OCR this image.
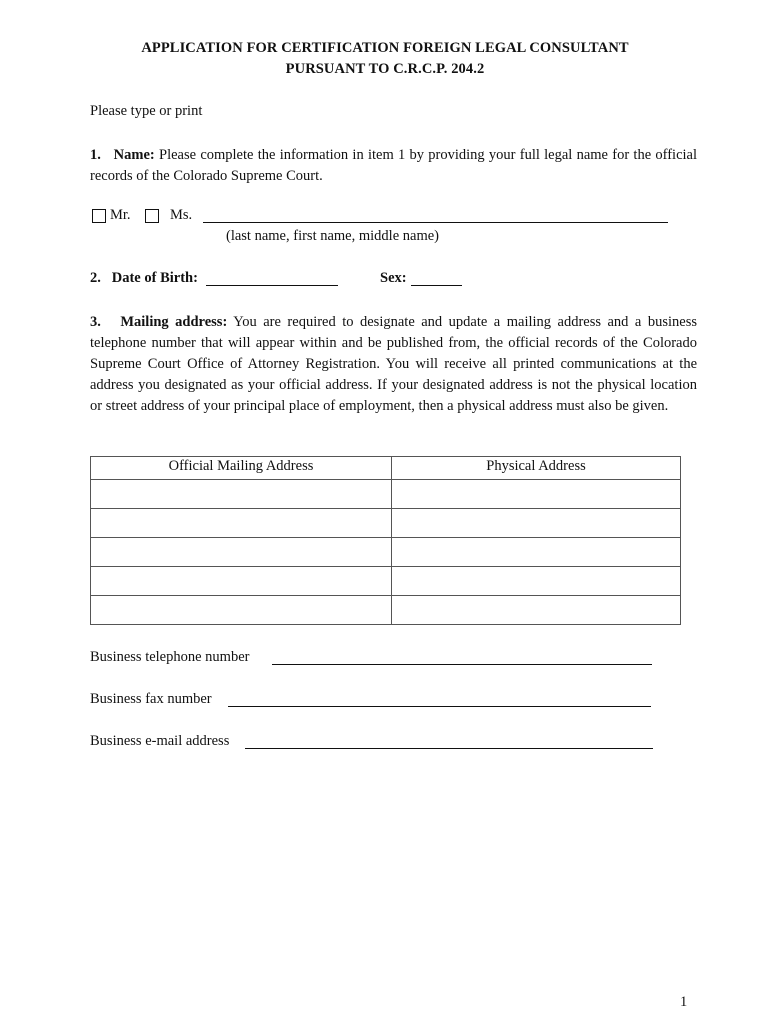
APPLICATION FOR CERTIFICATION FOREIGN LEGAL CONSULTANT
PURSUANT TO C.R.C.P. 204.2
Please type or print
1. Name: Please complete the information in item 1 by providing your full legal name for the official records of the Colorado Supreme Court.
Mr.	Ms.
(last name, first name, middle name)
2. Date of Birth:	Sex:
3. Mailing address: You are required to designate and update a mailing address and a business telephone number that will appear within and be published from, the official records of the Colorado Supreme Court Office of Attorney Registration. You will receive all printed communications at the address you designated as your official address. If your designated address is not the physical location or street address of your principal place of employment, then a physical address must also be given.
Official Mailing Address	Physical Address

Business telephone number
Business fax number
Business e-mail address
1
